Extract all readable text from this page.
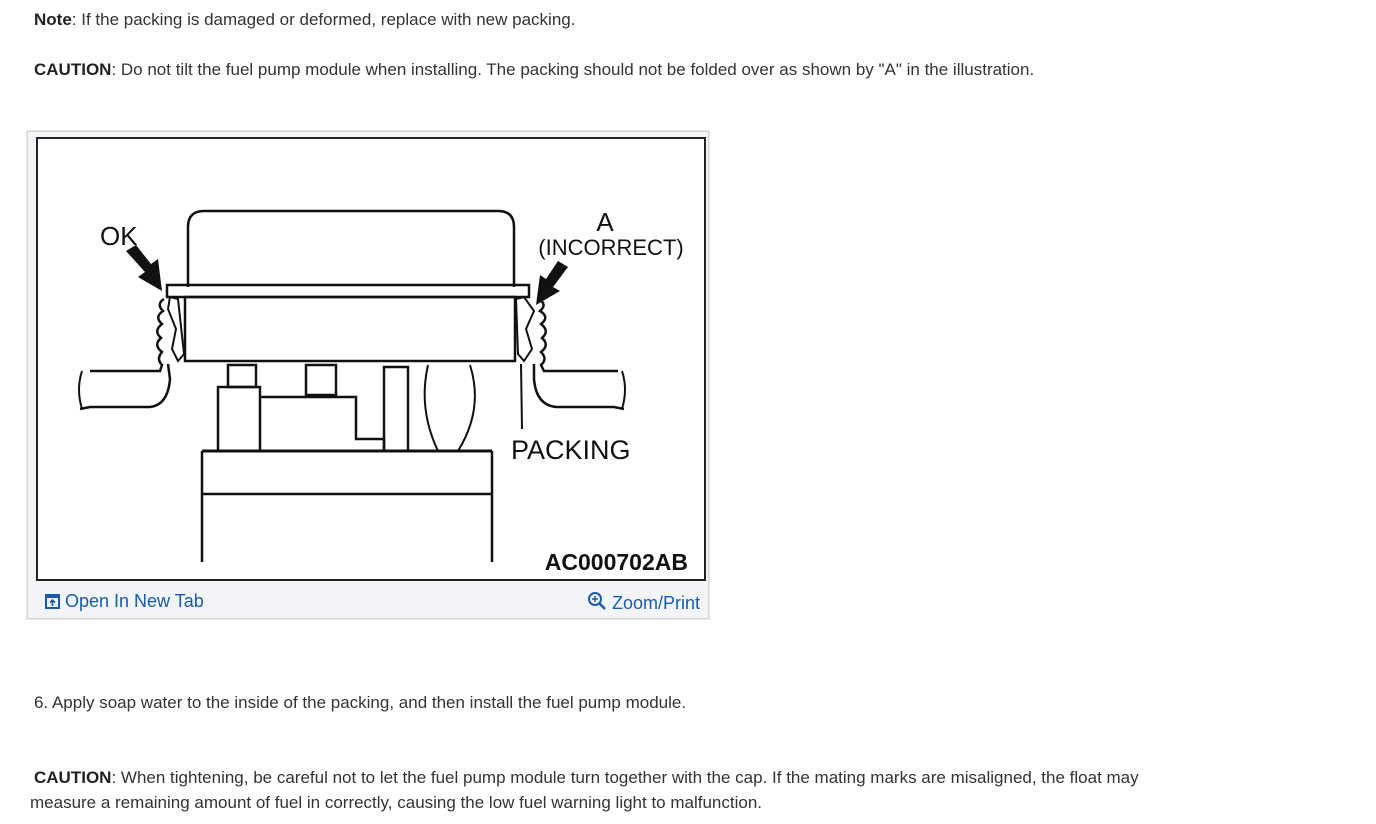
Note: If the packing is damaged or deformed, replace with new packing.
CAUTION: Do not tilt the fuel pump module when installing. The packing should not be folded over as shown by "A" in the illustration.
OK	A
(INCORRECT)
PACKING
AC000702AB
Open In New Tab	Zoom/Print
6. Apply soap water to the inside of the packing, and then install the fuel pump module.
CAUTION: When tightening, be careful not to let the fuel pump module turn together with the cap. If the mating marks are misaligned, the float may
measure a remaining amount of fuel in correctly, causing the low fuel warning light to malfunction.
